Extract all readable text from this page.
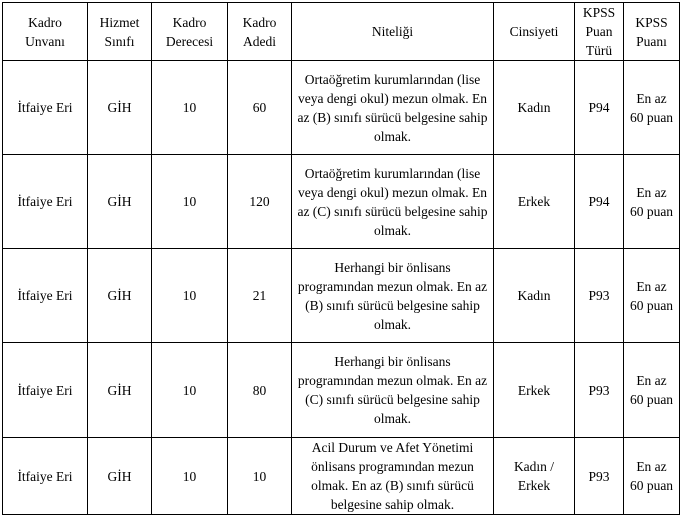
Kadro Unvanı	Hizmet Sınıfı	Kadro Derecesi	Kadro Adedi	Niteliği	Cinsiyeti	KPSS Puan Türü	KPSS Puanı
İtfaiye Eri	GİH	10	60	Ortaöğretim kurumlarından (lise veya dengi okul) mezun olmak. En az (B) sınıfı sürücü belgesine sahip olmak.	Kadın	P94	En az 60 puan
İtfaiye Eri	GİH	10	120	Ortaöğretim kurumlarından (lise veya dengi okul) mezun olmak. En az (C) sınıfı sürücü belgesine sahip olmak.	Erkek	P94	En az 60 puan
İtfaiye Eri	GİH	10	21	Herhangi bir önlisans programından mezun olmak. En az (B) sınıfı sürücü belgesine sahip olmak.	Kadın	P93	En az 60 puan
İtfaiye Eri	GİH	10	80	Herhangi bir önlisans programından mezun olmak. En az (C) sınıfı sürücü belgesine sahip olmak.	Erkek	P93	En az 60 puan
İtfaiye Eri	GİH	10	10	Acil Durum ve Afet Yönetimi önlisans programından mezun olmak. En az (B) sınıfı sürücü belgesine sahip olmak.	Kadın / Erkek	P93	En az 60 puan
